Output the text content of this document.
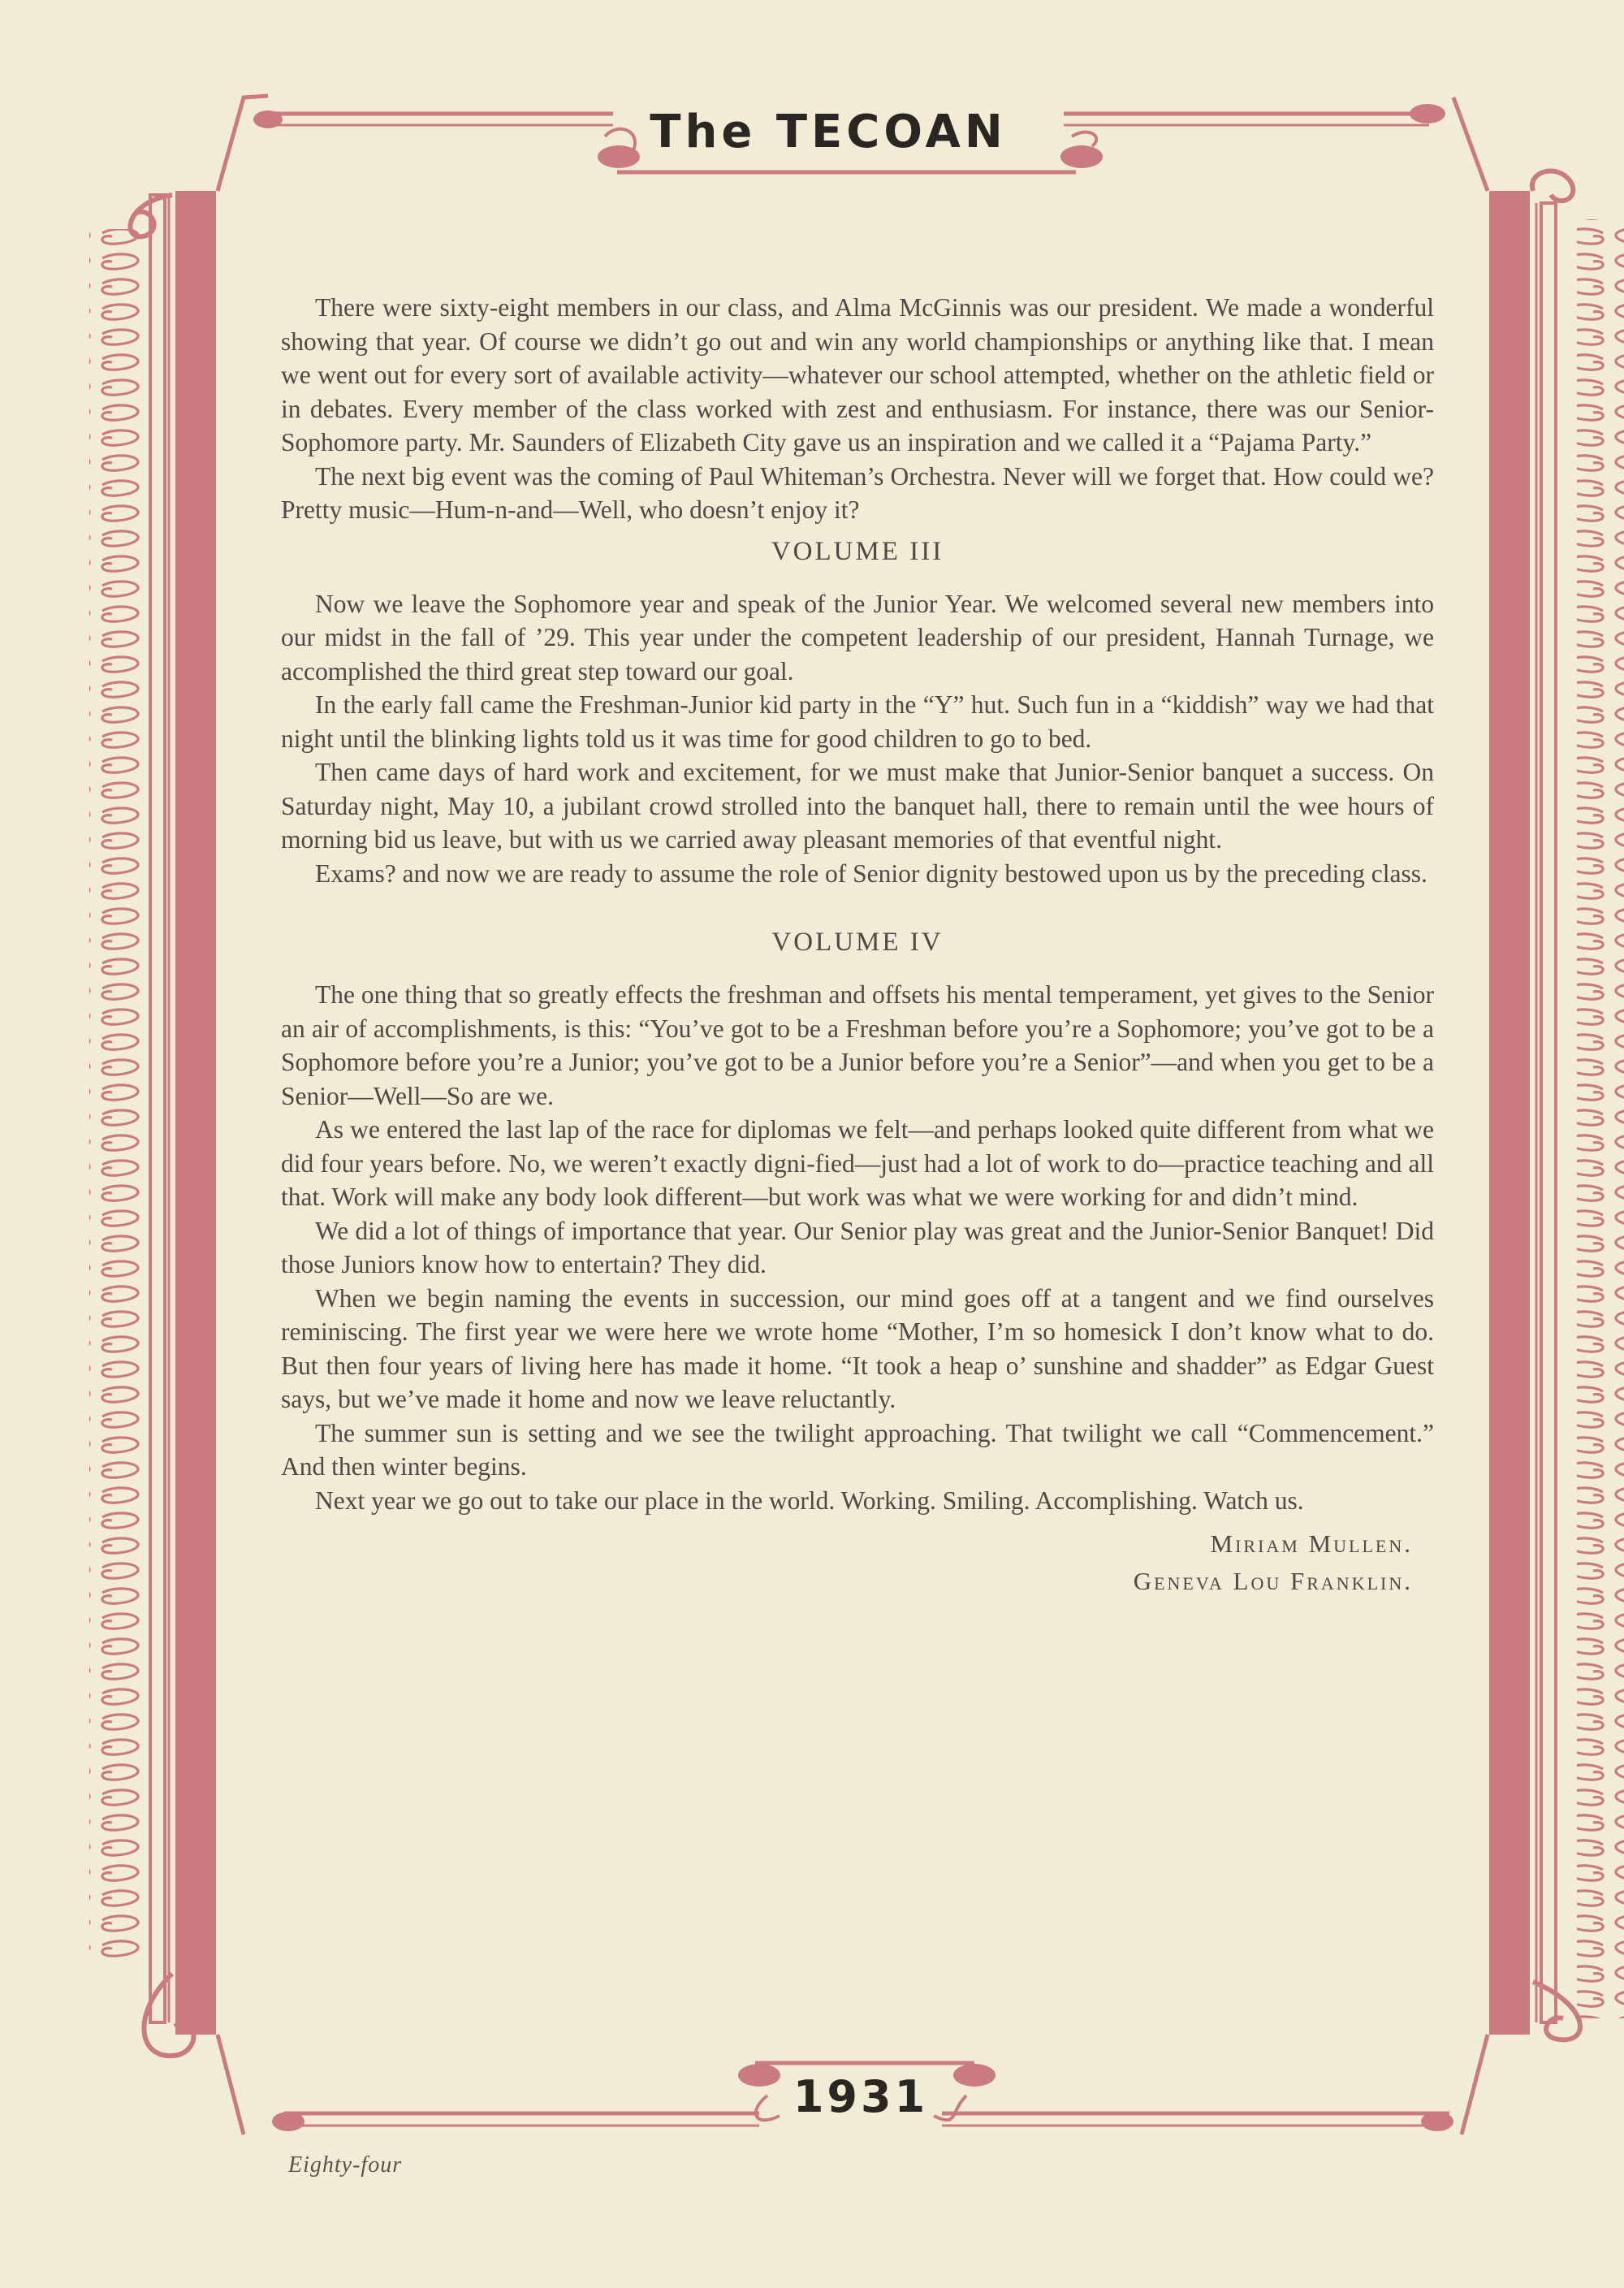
The TECOAN

There were sixty-eight members in our class, and Alma McGinnis was our president. We made a wonderful showing that year. Of course we didn’t go out and win any world championships or anything like that. I mean we went out for every sort of available activity—whatever our school attempted, whether on the athletic field or in debates. Every member of the class worked with zest and enthusiasm. For instance, there was our Senior-Sophomore party. Mr. Saunders of Elizabeth City gave us an inspiration and we called it a “Pajama Party.”

The next big event was the coming of Paul Whiteman’s Orchestra. Never will we forget that. How could we? Pretty music—Hum-n-and—Well, who doesn’t enjoy it?

VOLUME III

Now we leave the Sophomore year and speak of the Junior Year. We welcomed several new members into our midst in the fall of ’29. This year under the competent leadership of our president, Hannah Turnage, we accomplished the third great step toward our goal.

In the early fall came the Freshman-Junior kid party in the “Y” hut. Such fun in a “kiddish” way we had that night until the blinking lights told us it was time for good children to go to bed.

Then came days of hard work and excitement, for we must make that Junior-Senior banquet a success. On Saturday night, May 10, a jubilant crowd strolled into the banquet hall, there to remain until the wee hours of morning bid us leave, but with us we carried away pleasant memories of that eventful night.

Exams? and now we are ready to assume the role of Senior dignity bestowed upon us by the preceding class.

VOLUME IV

The one thing that so greatly effects the freshman and offsets his mental temperament, yet gives to the Senior an air of accomplishments, is this: “You’ve got to be a Freshman before you’re a Sophomore; you’ve got to be a Sophomore before you’re a Junior; you’ve got to be a Junior before you’re a Senior”—and when you get to be a Senior—Well—So are we.

As we entered the last lap of the race for diplomas we felt—and perhaps looked quite different from what we did four years before. No, we weren’t exactly digni-fied—just had a lot of work to do—practice teaching and all that. Work will make any body look different—but work was what we were working for and didn’t mind.

We did a lot of things of importance that year. Our Senior play was great and the Junior-Senior Banquet! Did those Juniors know how to entertain? They did.

When we begin naming the events in succession, our mind goes off at a tangent and we find ourselves reminiscing. The first year we were here we wrote home “Mother, I’m so homesick I don’t know what to do. But then four years of living here has made it home. “It took a heap o’ sunshine and shadder” as Edgar Guest says, but we’ve made it home and now we leave reluctantly.

The summer sun is setting and we see the twilight approaching. That twilight we call “Commencement.” And then winter begins.

Next year we go out to take our place in the world. Working. Smiling. Accomplishing. Watch us.

Miriam Mullen.
Geneva Lou Franklin.
1931
Eighty-four
